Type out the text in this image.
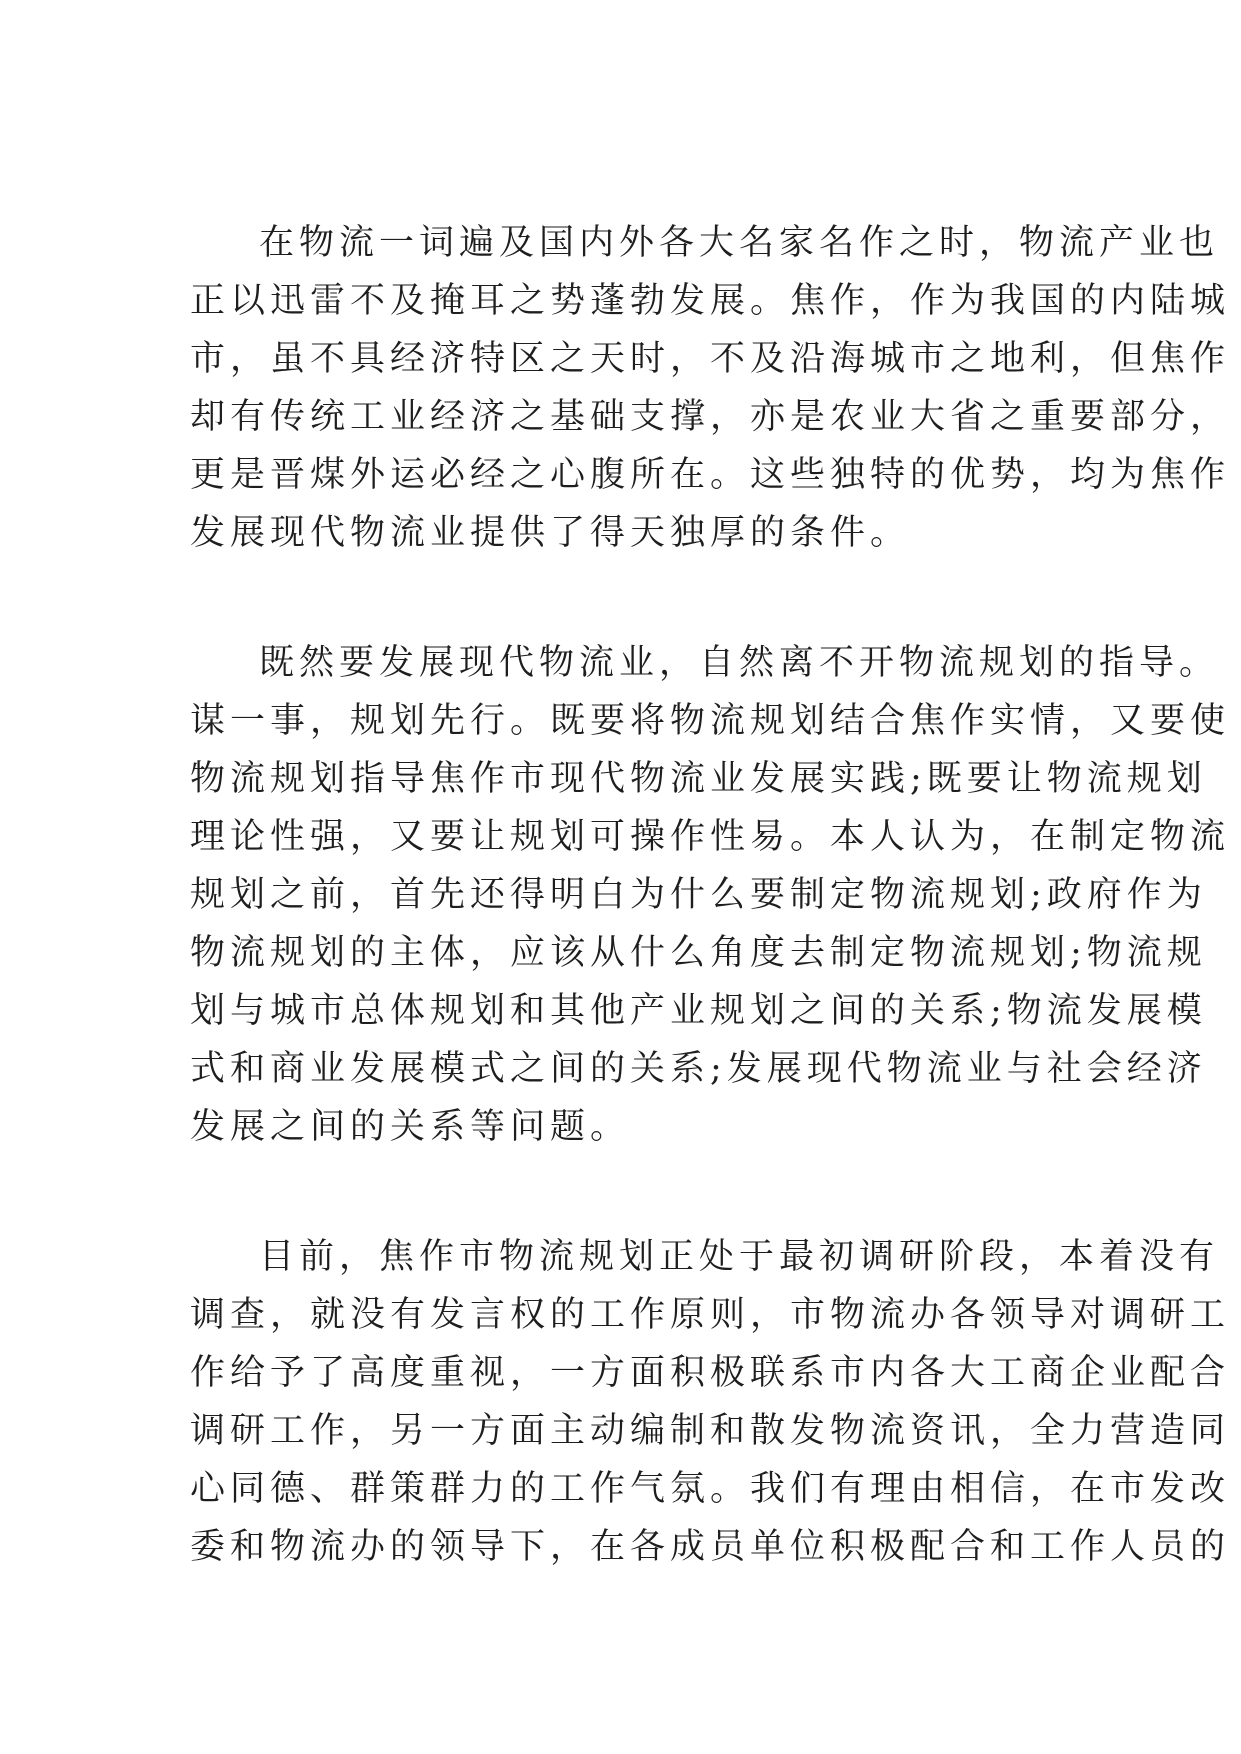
在物流一词遍及国内外各大名家名作之时，物流产业也
正以迅雷不及掩耳之势蓬勃发展。焦作，作为我国的内陆城
市，虽不具经济特区之天时，不及沿海城市之地利，但焦作
却有传统工业经济之基础支撑，亦是农业大省之重要部分，
更是晋煤外运必经之心腹所在。这些独特的优势，均为焦作
发展现代物流业提供了得天独厚的条件。

既然要发展现代物流业，自然离不开物流规划的指导。
谋一事，规划先行。既要将物流规划结合焦作实情，又要使
物流规划指导焦作市现代物流业发展实践;既要让物流规划
理论性强，又要让规划可操作性易。本人认为，在制定物流
规划之前，首先还得明白为什么要制定物流规划;政府作为
物流规划的主体，应该从什么角度去制定物流规划;物流规
划与城市总体规划和其他产业规划之间的关系;物流发展模
式和商业发展模式之间的关系;发展现代物流业与社会经济
发展之间的关系等问题。

目前，焦作市物流规划正处于最初调研阶段，本着没有
调查，就没有发言权的工作原则，市物流办各领导对调研工
作给予了高度重视，一方面积极联系市内各大工商企业配合
调研工作，另一方面主动编制和散发物流资讯，全力营造同
心同德、群策群力的工作气氛。我们有理由相信，在市发改
委和物流办的领导下，在各成员单位积极配合和工作人员的
